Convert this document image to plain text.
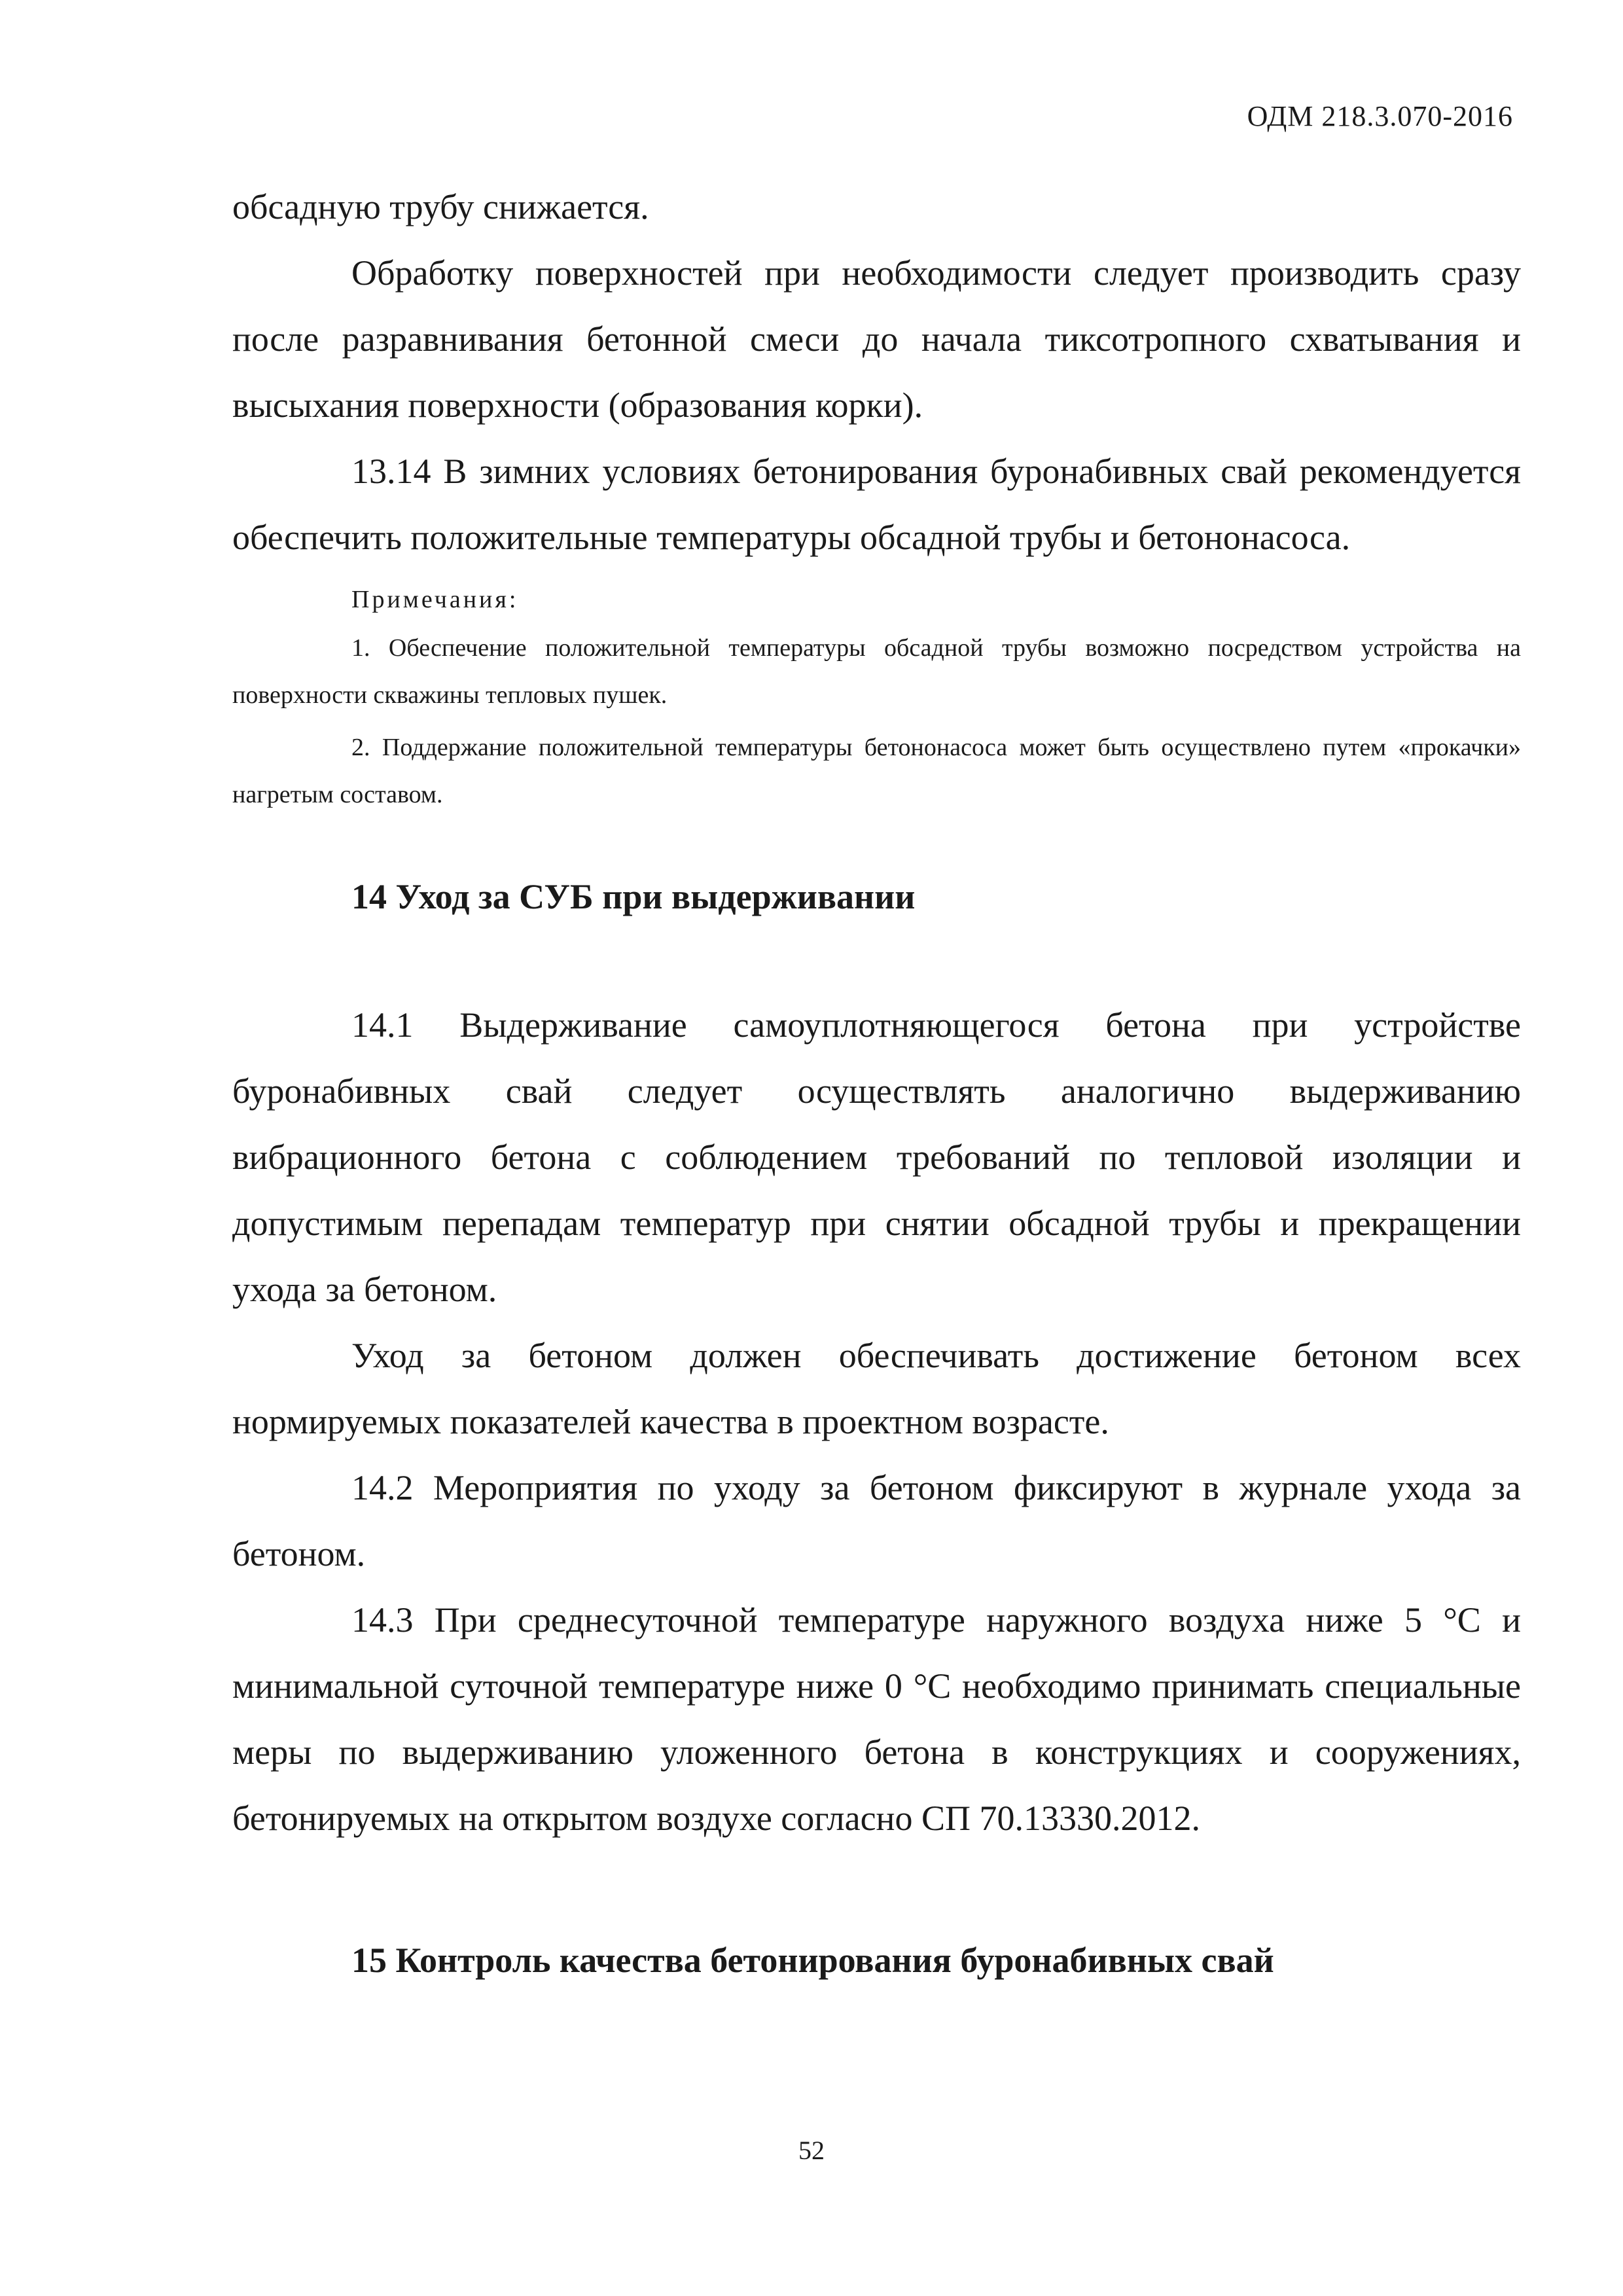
ОДМ 218.3.070-2016

обсадную трубу снижается.

Обработку поверхностей при необходимости следует производить сразу после разравнивания бетонной смеси до начала тиксотропного схватывания и высыхания поверхности (образования корки).

13.14 В зимних условиях бетонирования буронабивных свай рекомендуется обеспечить положительные температуры обсадной трубы и бетононасоса.

Примечания:

1. Обеспечение положительной температуры обсадной трубы возможно посредством устройства на поверхности скважины тепловых пушек.

2. Поддержание положительной температуры бетононасоса может быть осуществлено путем «прокачки» нагретым составом.

14 Уход за СУБ при выдерживании

14.1 Выдерживание самоуплотняющегося бетона при устройстве буронабивных свай следует осуществлять аналогично выдерживанию вибрационного бетона с соблюдением требований по тепловой изоляции и допустимым перепадам температур при снятии обсадной трубы и прекращении ухода за бетоном.

Уход за бетоном должен обеспечивать достижение бетоном всех нормируемых показателей качества в проектном возрасте.

14.2 Мероприятия по уходу за бетоном фиксируют в журнале ухода за бетоном.

14.3 При среднесуточной температуре наружного воздуха ниже 5 °С и минимальной суточной температуре ниже 0 °С необходимо принимать специальные меры по выдерживанию уложенного бетона в конструкциях и сооружениях, бетонируемых на открытом воздухе согласно СП 70.13330.2012.

15 Контроль качества бетонирования буронабивных свай
52
